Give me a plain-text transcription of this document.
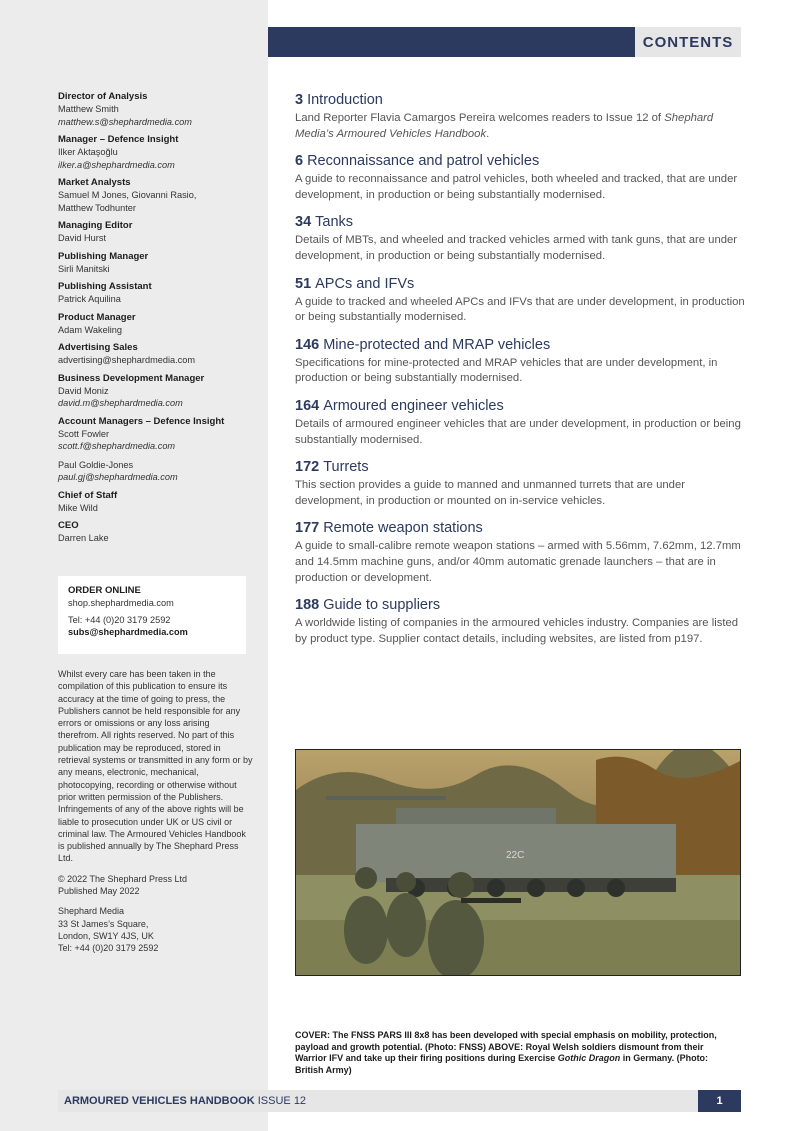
Director of Analysis
Matthew Smith
matthew.s@shephardmedia.com
Manager – Defence Insight
Ilker Aktaşoğlu
ilker.a@shephardmedia.com
Market Analysts
Samuel M Jones, Giovanni Rasio,
Matthew Todhunter
Managing Editor
David Hurst
Publishing Manager
Sirli Manitski
Publishing Assistant
Patrick Aquilina
Product Manager
Adam Wakeling
Advertising Sales
advertising@shephardmedia.com
Business Development Manager
David Moniz
david.m@shephardmedia.com
Account Managers – Defence Insight
Scott Fowler
scott.f@shephardmedia.com
Paul Goldie-Jones
paul.gj@shephardmedia.com
Chief of Staff
Mike Wild
CEO
Darren Lake
ORDER ONLINE
shop.shephardmedia.com
Tel: +44 (0)20 3179 2592
subs@shephardmedia.com

Whilst every care has been taken in the compilation of this publication to ensure its accuracy at the time of going to press, the Publishers cannot be held responsible for any errors or omissions or any loss arising therefrom. All rights reserved. No part of this publication may be reproduced, stored in retrieval systems or transmitted in any form or by any means, electronic, mechanical, photocopying, recording or otherwise without prior written permission of the Publishers. Infringements of any of the above rights will be liable to prosecution under UK or US civil or criminal law. The Armoured Vehicles Handbook is published annually by The Shephard Press Ltd.

© 2022 The Shephard Press Ltd
Published May 2022

Shephard Media
33 St James’s Square,
London, SW1Y 4JS, UK
Tel: +44 (0)20 3179 2592

CONTENTS
3 Introduction
Land Reporter Flavia Camargos Pereira welcomes readers to Issue 12 of Shephard Media’s Armoured Vehicles Handbook.
6 Reconnaissance and patrol vehicles
A guide to reconnaissance and patrol vehicles, both wheeled and tracked, that are under development, in production or being substantially modernised.
34 Tanks
Details of MBTs, and wheeled and tracked vehicles armed with tank guns, that are under development, in production or being substantially modernised.
51 APCs and IFVs
A guide to tracked and wheeled APCs and IFVs that are under development, in production or being substantially modernised.
146 Mine-protected and MRAP vehicles
Specifications for mine-protected and MRAP vehicles that are under development, in production or being substantially modernised.
164 Armoured engineer vehicles
Details of armoured engineer vehicles that are under development, in production or being substantially modernised.
172 Turrets
This section provides a guide to manned and unmanned turrets that are under development, in production or mounted on in-service vehicles.
177 Remote weapon stations
A guide to small-calibre remote weapon stations – armed with 5.56mm, 7.62mm, 12.7mm and 14.5mm machine guns, and/or 40mm automatic grenade launchers – that are in production or development.
188 Guide to suppliers
A worldwide listing of companies in the armoured vehicles industry. Companies are listed by product type. Supplier contact details, including websites, are listed from p197.
22C
COVER: The FNSS PARS III 8x8 has been developed with special emphasis on mobility, protection, payload and growth potential. (Photo: FNSS) ABOVE: Royal Welsh soldiers dismount from their Warrior IFV and take up their firing positions during Exercise Gothic Dragon in Germany. (Photo: British Army)
ARMOURED VEHICLES HANDBOOK ISSUE 12	1
